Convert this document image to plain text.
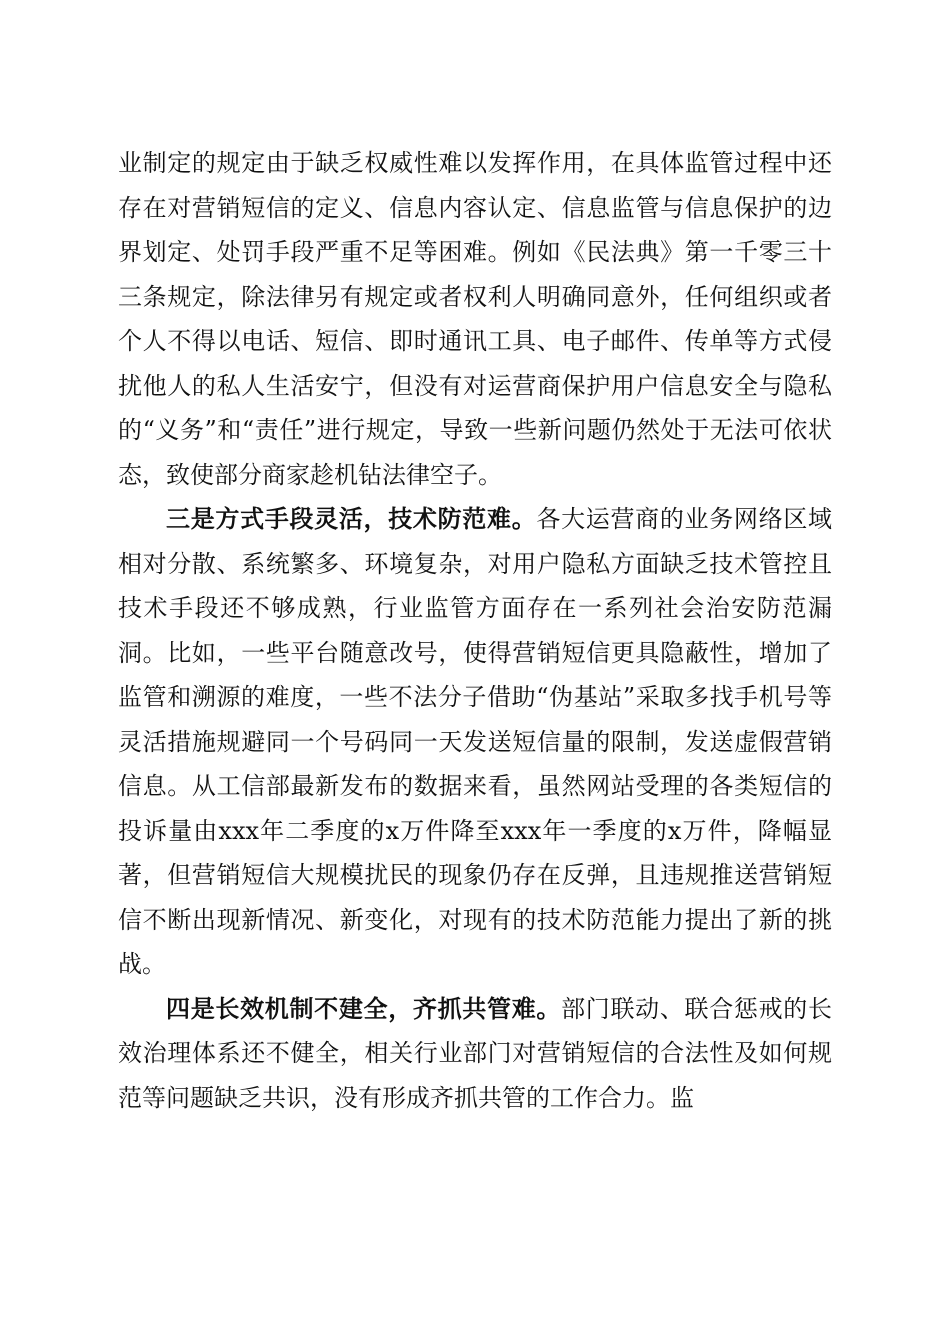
业制定的规定由于缺乏权威性难以发挥作用，在具体监管过程中还存在对营销短信的定义、信息内容认定、信息监管与信息保护的边界划定、处罚手段严重不足等困难。例如《民法典》第一千零三十三条规定，除法律另有规定或者权利人明确同意外，任何组织或者个人不得以电话、短信、即时通讯工具、电子邮件、传单等方式侵扰他人的私人生活安宁，但没有对运营商保护用户信息安全与隐私的“义务”和“责任”进行规定，导致一些新问题仍然处于无法可依状态，致使部分商家趁机钻法律空子。

三是方式手段灵活，技术防范难。各大运营商的业务网络区域相对分散、系统繁多、环境复杂，对用户隐私方面缺乏技术管控且技术手段还不够成熟，行业监管方面存在一系列社会治安防范漏洞。比如，一些平台随意改号，使得营销短信更具隐蔽性，增加了监管和溯源的难度，一些不法分子借助“伪基站”采取多找手机号等灵活措施规避同一个号码同一天发送短信量的限制，发送虚假营销信息。从工信部最新发布的数据来看，虽然网站受理的各类短信的投诉量由xxx年二季度的x万件降至xxx年一季度的x万件，降幅显著，但营销短信大规模扰民的现象仍存在反弹，且违规推送营销短信不断出现新情况、新变化，对现有的技术防范能力提出了新的挑战。

四是长效机制不建全，齐抓共管难。部门联动、联合惩戒的长效治理体系还不健全，相关行业部门对营销短信的合法性及如何规范等问题缺乏共识，没有形成齐抓共管的工作合力。监
